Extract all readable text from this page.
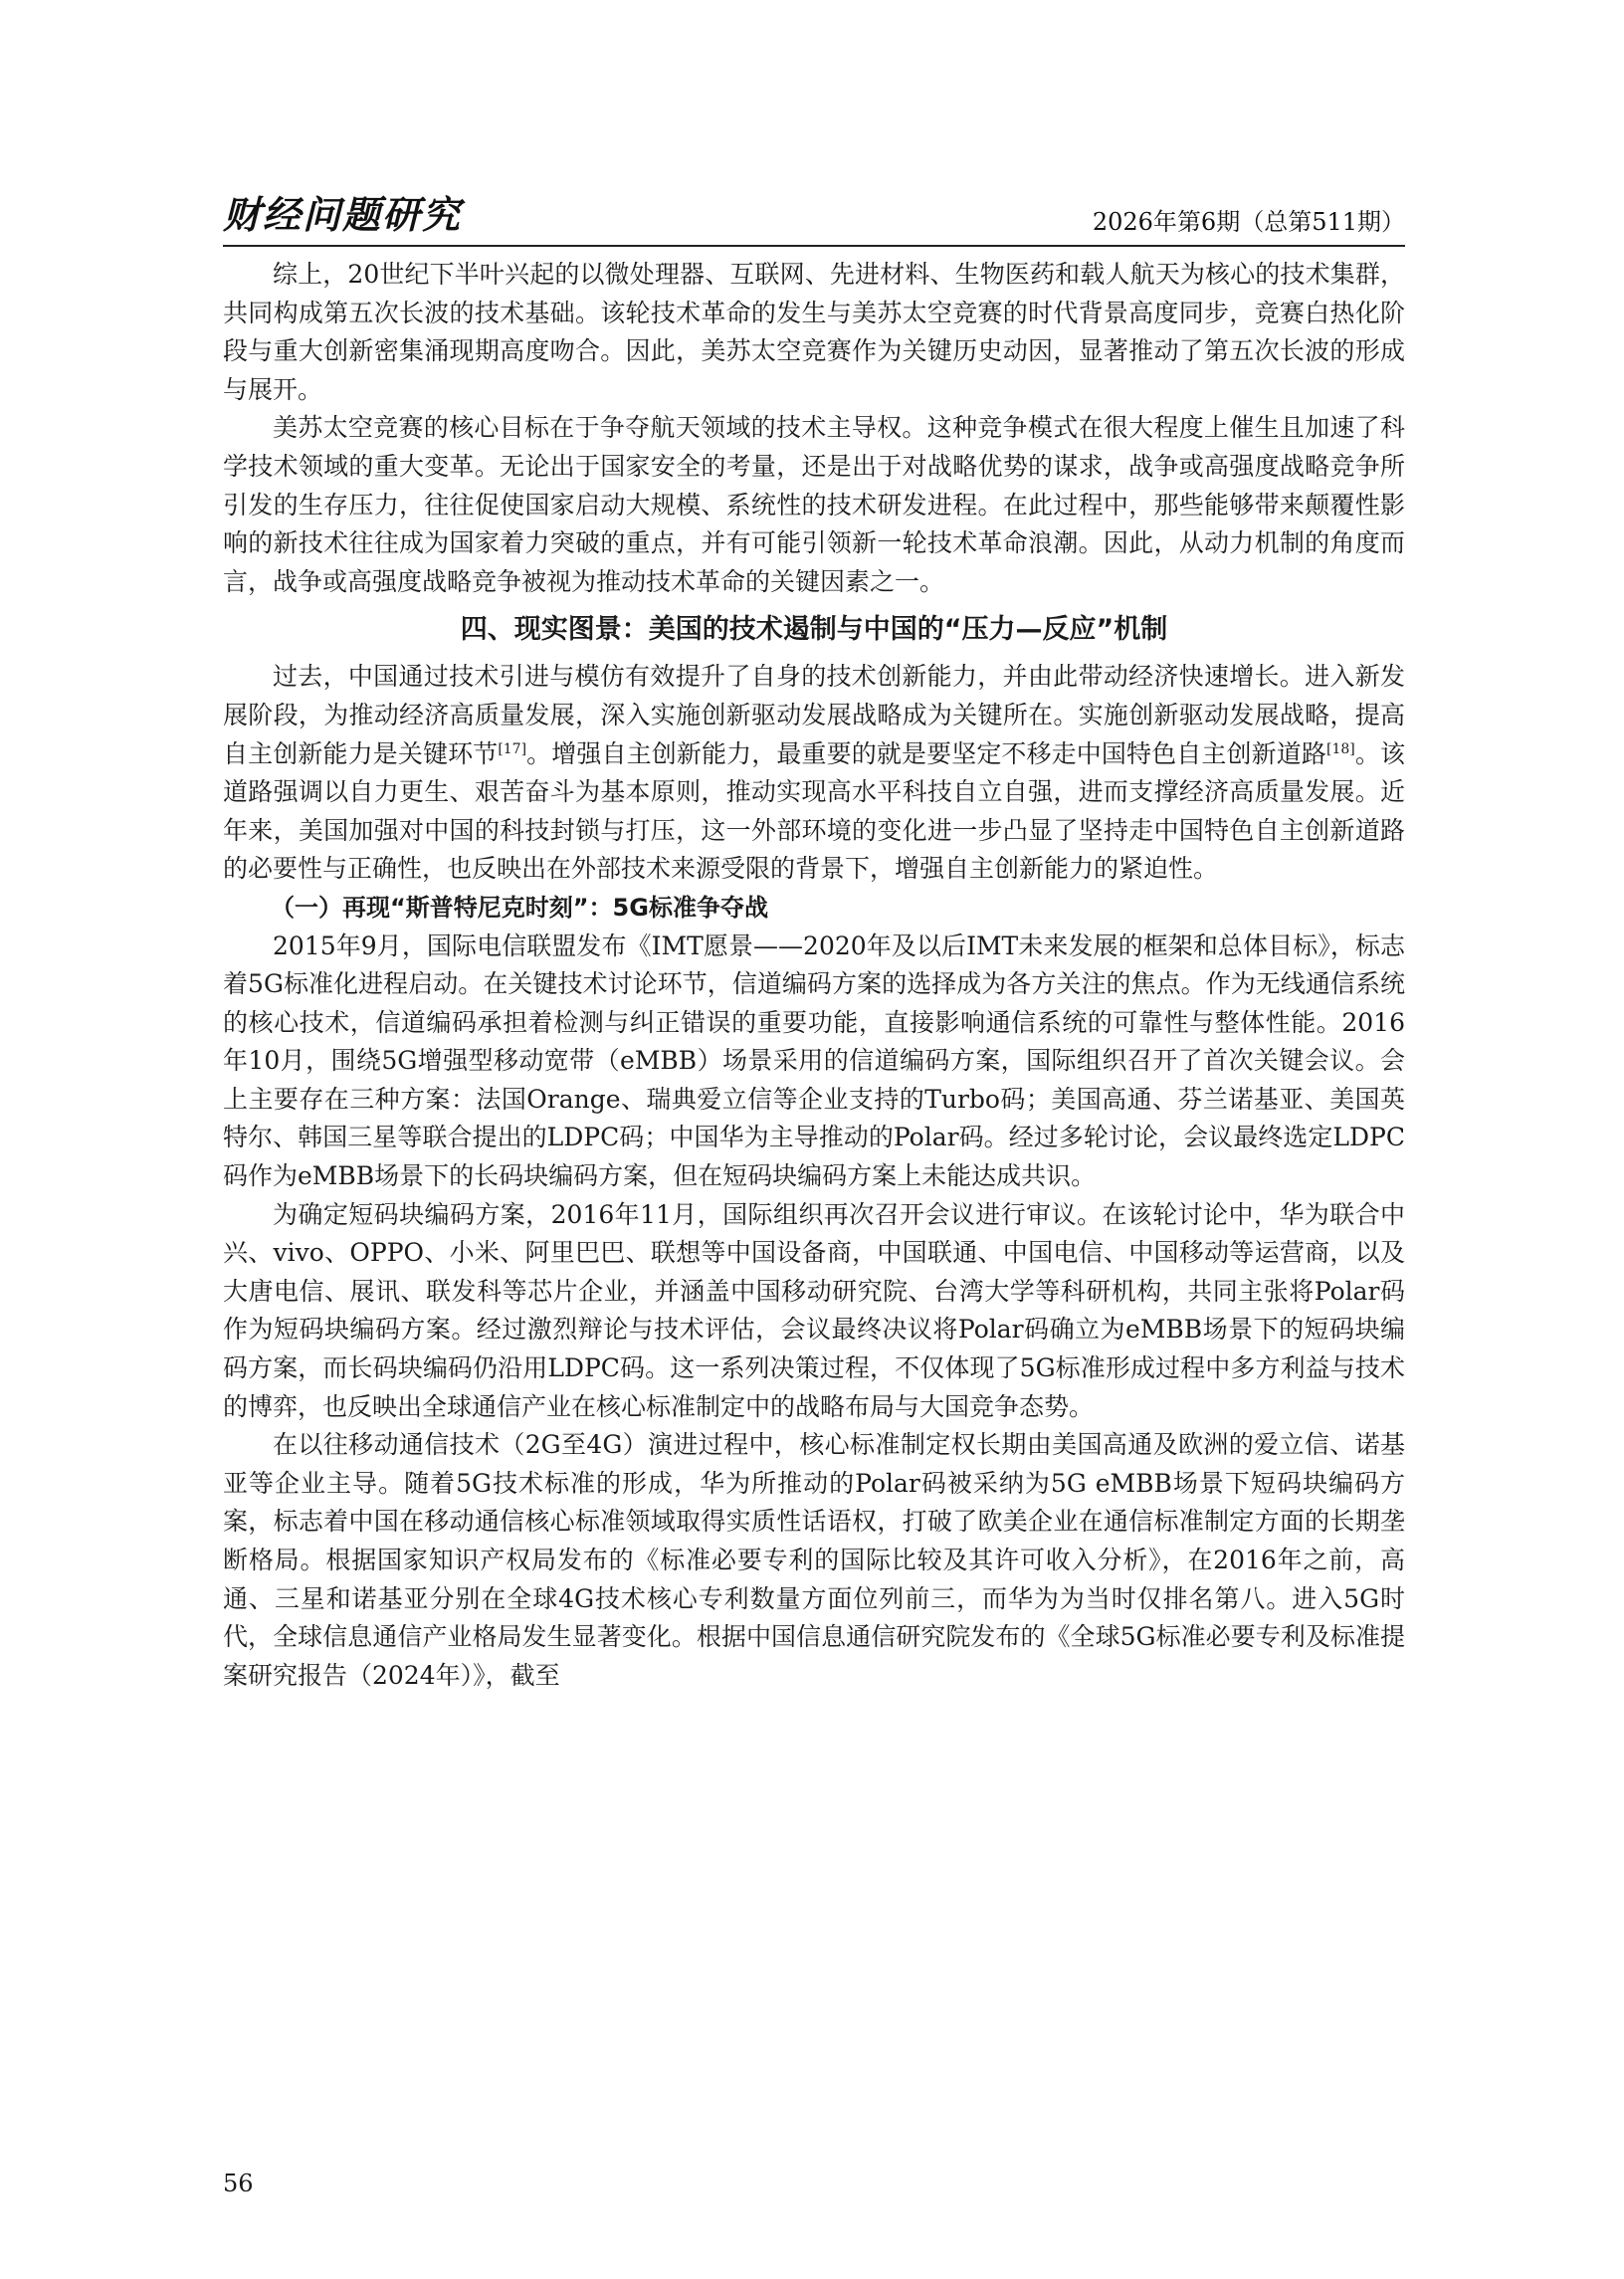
财经问题研究	2026年第6期（总第511期）

综上，20世纪下半叶兴起的以微处理器、互联网、先进材料、生物医药和载人航天为核心的技术集群，共同构成第五次长波的技术基础。该轮技术革命的发生与美苏太空竞赛的时代背景高度同步，竞赛白热化阶段与重大创新密集涌现期高度吻合。因此，美苏太空竞赛作为关键历史动因，显著推动了第五次长波的形成与展开。

美苏太空竞赛的核心目标在于争夺航天领域的技术主导权。这种竞争模式在很大程度上催生且加速了科学技术领域的重大变革。无论出于国家安全的考量，还是出于对战略优势的谋求，战争或高强度战略竞争所引发的生存压力，往往促使国家启动大规模、系统性的技术研发进程。在此过程中，那些能够带来颠覆性影响的新技术往往成为国家着力突破的重点，并有可能引领新一轮技术革命浪潮。因此，从动力机制的角度而言，战争或高强度战略竞争被视为推动技术革命的关键因素之一。

四、现实图景：美国的技术遏制与中国的“压力—反应”机制

过去，中国通过技术引进与模仿有效提升了自身的技术创新能力，并由此带动经济快速增长。进入新发展阶段，为推动经济高质量发展，深入实施创新驱动发展战略成为关键所在。实施创新驱动发展战略，提高自主创新能力是关键环节[17]。增强自主创新能力，最重要的就是要坚定不移走中国特色自主创新道路[18]。该道路强调以自力更生、艰苦奋斗为基本原则，推动实现高水平科技自立自强，进而支撑经济高质量发展。近年来，美国加强对中国的科技封锁与打压，这一外部环境的变化进一步凸显了坚持走中国特色自主创新道路的必要性与正确性，也反映出在外部技术来源受限的背景下，增强自主创新能力的紧迫性。

（一）再现“斯普特尼克时刻”：5G标准争夺战

2015年9月，国际电信联盟发布《IMT愿景——2020年及以后IMT未来发展的框架和总体目标》，标志着5G标准化进程启动。在关键技术讨论环节，信道编码方案的选择成为各方关注的焦点。作为无线通信系统的核心技术，信道编码承担着检测与纠正错误的重要功能，直接影响通信系统的可靠性与整体性能。2016年10月，围绕5G增强型移动宽带（eMBB）场景采用的信道编码方案，国际组织召开了首次关键会议。会上主要存在三种方案：法国Orange、瑞典爱立信等企业支持的Turbo码；美国高通、芬兰诺基亚、美国英特尔、韩国三星等联合提出的LDPC码；中国华为主导推动的Polar码。经过多轮讨论，会议最终选定LDPC码作为eMBB场景下的长码块编码方案，但在短码块编码方案上未能达成共识。

为确定短码块编码方案，2016年11月，国际组织再次召开会议进行审议。在该轮讨论中，华为联合中兴、vivo、OPPO、小米、阿里巴巴、联想等中国设备商，中国联通、中国电信、中国移动等运营商，以及大唐电信、展讯、联发科等芯片企业，并涵盖中国移动研究院、台湾大学等科研机构，共同主张将Polar码作为短码块编码方案。经过激烈辩论与技术评估，会议最终决议将Polar码确立为eMBB场景下的短码块编码方案，而长码块编码仍沿用LDPC码。这一系列决策过程，不仅体现了5G标准形成过程中多方利益与技术的博弈，也反映出全球通信产业在核心标准制定中的战略布局与大国竞争态势。

在以往移动通信技术（2G至4G）演进过程中，核心标准制定权长期由美国高通及欧洲的爱立信、诺基亚等企业主导。随着5G技术标准的形成，华为所推动的Polar码被采纳为5G eMBB场景下短码块编码方案，标志着中国在移动通信核心标准领域取得实质性话语权，打破了欧美企业在通信标准制定方面的长期垄断格局。根据国家知识产权局发布的《标准必要专利的国际比较及其许可收入分析》，在2016年之前，高通、三星和诺基亚分别在全球4G技术核心专利数量方面位列前三，而华为为当时仅排名第八。进入5G时代，全球信息通信产业格局发生显著变化。根据中国信息通信研究院发布的《全球5G标准必要专利及标准提案研究报告（2024年）》，截至

56
